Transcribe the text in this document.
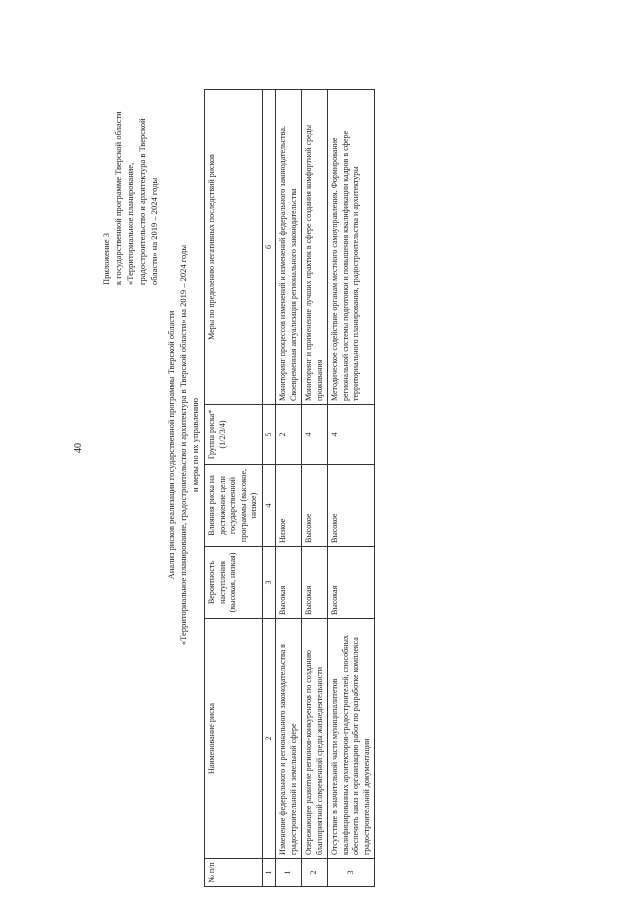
40
Приложение 3 к государственной программе Тверской области «Территориальное планирование, градостроительство и архитектура в Тверской области» на 2019 – 2024 годы
Анализ рисков реализации государственной программы Тверской области «Территориальное планирование, градостроительство и архитектура в Тверской области» на 2019 – 2024 годы и меры по их управлению
№ п/п	Наименование риска	Вероятность наступления (высокая, низкая)	Влияния риска на достижение цели государственной программы (высокое, низкое)	Группа риска* (1/2/3/4)	Меры по предолению негативных последствий рисков
1	2	3	4	5	6
1	Изменение федерального и регионального законодательства в градостроительной и земельной сфере	Высокая	Низкое	2	Мониторинг процессов изменений и изменений федерального законодательства. Своевременная актуализация регионального законодательства
2	Опережающее развитие регионов-конкурентов по созданию благоприятной современной среды жизнедеятельности	Высокая	Высокое	4	Мониторинг и применение лучших практик в сфере создания комфортной среды проживания
3	Отсутствие в значительной части муниципалитетов квалифицированных архитекторов-градостроителей, способных обеспечить заказ и организацию работ по разработке комплекса градостроительной документации	Высокая	Высокое	4	Методическое содействие органам местного самоуправления. Формирование региональной системы подготовки и повышения квалификации кадров в сфере территориального планирования, градостроительства и архитектуры
